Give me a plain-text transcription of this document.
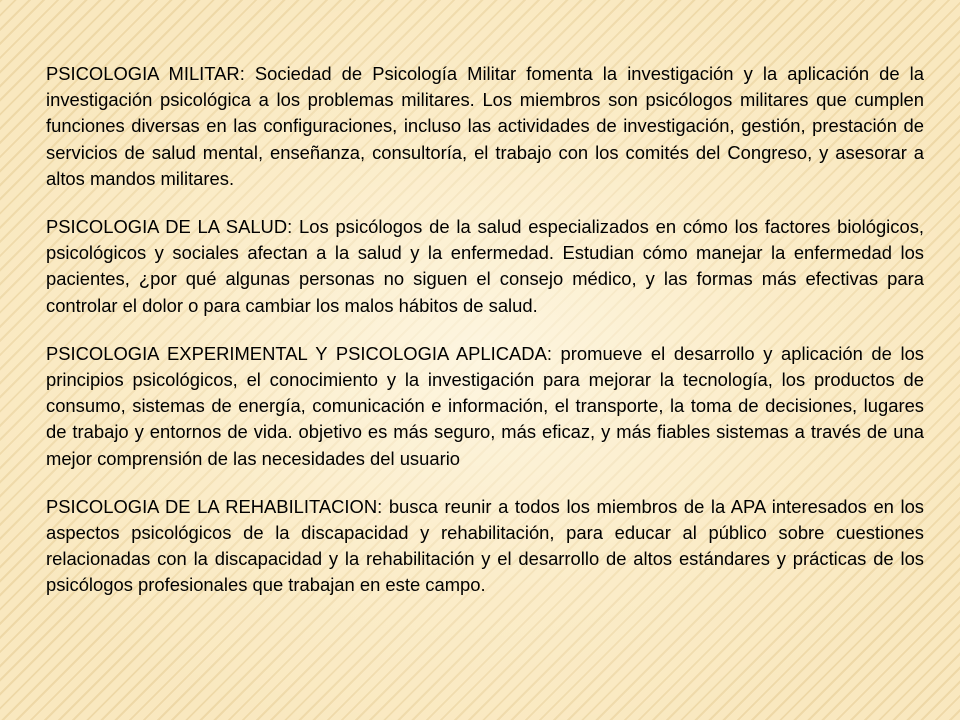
PSICOLOGIA MILITAR: Sociedad de Psicología Militar fomenta la investigación y la aplicación de la investigación psicológica a los problemas militares. Los miembros son psicólogos militares que cumplen funciones diversas en las configuraciones, incluso las actividades de investigación, gestión, prestación de servicios de salud mental, enseñanza, consultoría, el trabajo con los comités del Congreso, y asesorar a altos mandos militares.

PSICOLOGIA DE LA SALUD: Los psicólogos de la salud especializados en cómo los factores biológicos, psicológicos y sociales afectan a la salud y la enfermedad. Estudian cómo manejar la enfermedad los pacientes, ¿por qué algunas personas no siguen el consejo médico, y las formas más efectivas para controlar el dolor o para cambiar los malos hábitos de salud.

PSICOLOGIA EXPERIMENTAL Y PSICOLOGIA APLICADA: promueve el desarrollo y aplicación de los principios psicológicos, el conocimiento y la investigación para mejorar la tecnología, los productos de consumo, sistemas de energía, comunicación e información, el transporte, la toma de decisiones, lugares de trabajo y entornos de vida. objetivo es más seguro, más eficaz, y más fiables sistemas a través de una mejor comprensión de las necesidades del usuario

PSICOLOGIA DE LA REHABILITACION: busca reunir a todos los miembros de la APA interesados en los aspectos psicológicos de la discapacidad y rehabilitación, para educar al público sobre cuestiones relacionadas con la discapacidad y la rehabilitación y el desarrollo de altos estándares y prácticas de los psicólogos profesionales que trabajan en este campo.
